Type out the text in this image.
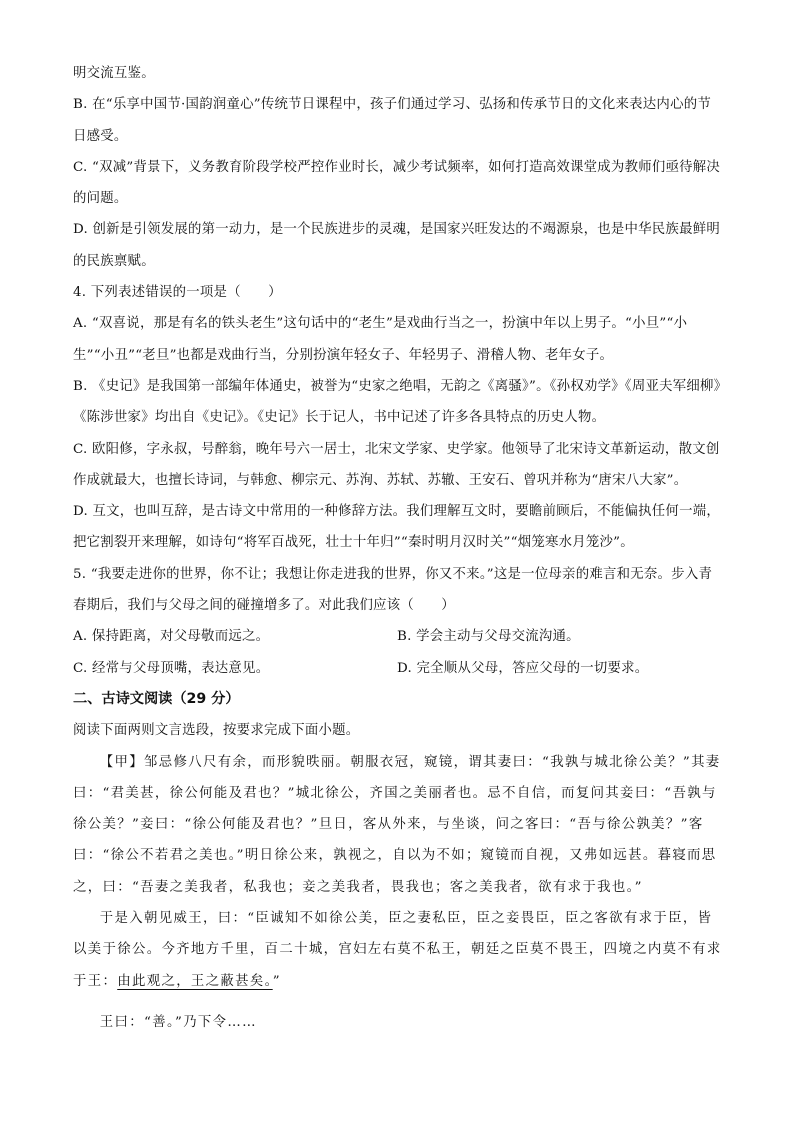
明交流互鉴。

B. 在“乐享中国节·国韵润童心”传统节日课程中，孩子们通过学习、弘扬和传承节日的文化来表达内心的节日感受。

C. “双减”背景下，义务教育阶段学校严控作业时长，减少考试频率，如何打造高效课堂成为教师们亟待解决的问题。

D. 创新是引领发展的第一动力，是一个民族进步的灵魂，是国家兴旺发达的不竭源泉，也是中华民族最鲜明的民族禀赋。

4. 下列表述错误的一项是（　　）

A. “双喜说，那是有名的铁头老生”这句话中的“老生”是戏曲行当之一，扮演中年以上男子。“小旦”“小生”“小丑”“老旦”也都是戏曲行当，分别扮演年轻女子、年轻男子、滑稽人物、老年女子。

B. 《史记》是我国第一部编年体通史，被誉为“史家之绝唱，无韵之《离骚》”。《孙权劝学》《周亚夫军细柳》《陈涉世家》均出自《史记》。《史记》长于记人，书中记述了许多各具特点的历史人物。

C. 欧阳修，字永叔，号醉翁，晚年号六一居士，北宋文学家、史学家。他领导了北宋诗文革新运动，散文创作成就最大，也擅长诗词，与韩愈、柳宗元、苏洵、苏轼、苏辙、王安石、曾巩并称为“唐宋八大家”。

D. 互文，也叫互辞，是古诗文中常用的一种修辞方法。我们理解互文时，要瞻前顾后，不能偏执任何一端，把它割裂开来理解，如诗句“将军百战死，壮士十年归”“秦时明月汉时关”“烟笼寒水月笼沙”。

5. “我要走进你的世界，你不让；我想让你走进我的世界，你又不来。”这是一位母亲的难言和无奈。步入青春期后，我们与父母之间的碰撞增多了。对此我们应该（　　）

A. 保持距离，对父母敬而远之。	B. 学会主动与父母交流沟通。
C. 经常与父母顶嘴，表达意见。	D. 完全顺从父母，答应父母的一切要求。

二、古诗文阅读（29 分）

阅读下面两则文言选段，按要求完成下面小题。

【甲】邹忌修八尺有余，而形貌昳丽。朝服衣冠，窥镜，谓其妻曰：“我孰与城北徐公美？”其妻曰：“君美甚，徐公何能及君也？”城北徐公，齐国之美丽者也。忌不自信，而复问其妾曰：“吾孰与徐公美？”妾曰：“徐公何能及君也？”旦日，客从外来，与坐谈，问之客曰：“吾与徐公孰美？”客曰：“徐公不若君之美也。”明日徐公来，孰视之，自以为不如；窥镜而自视，又弗如远甚。暮寝而思之，曰：“吾妻之美我者，私我也；妾之美我者，畏我也；客之美我者，欲有求于我也。”

于是入朝见威王，曰：“臣诚知不如徐公美，臣之妻私臣，臣之妾畏臣，臣之客欲有求于臣，皆以美于徐公。今齐地方千里，百二十城，宫妇左右莫不私王，朝廷之臣莫不畏王，四境之内莫不有求于王：由此观之，王之蔽甚矣。”

王曰：“善。”乃下令……
